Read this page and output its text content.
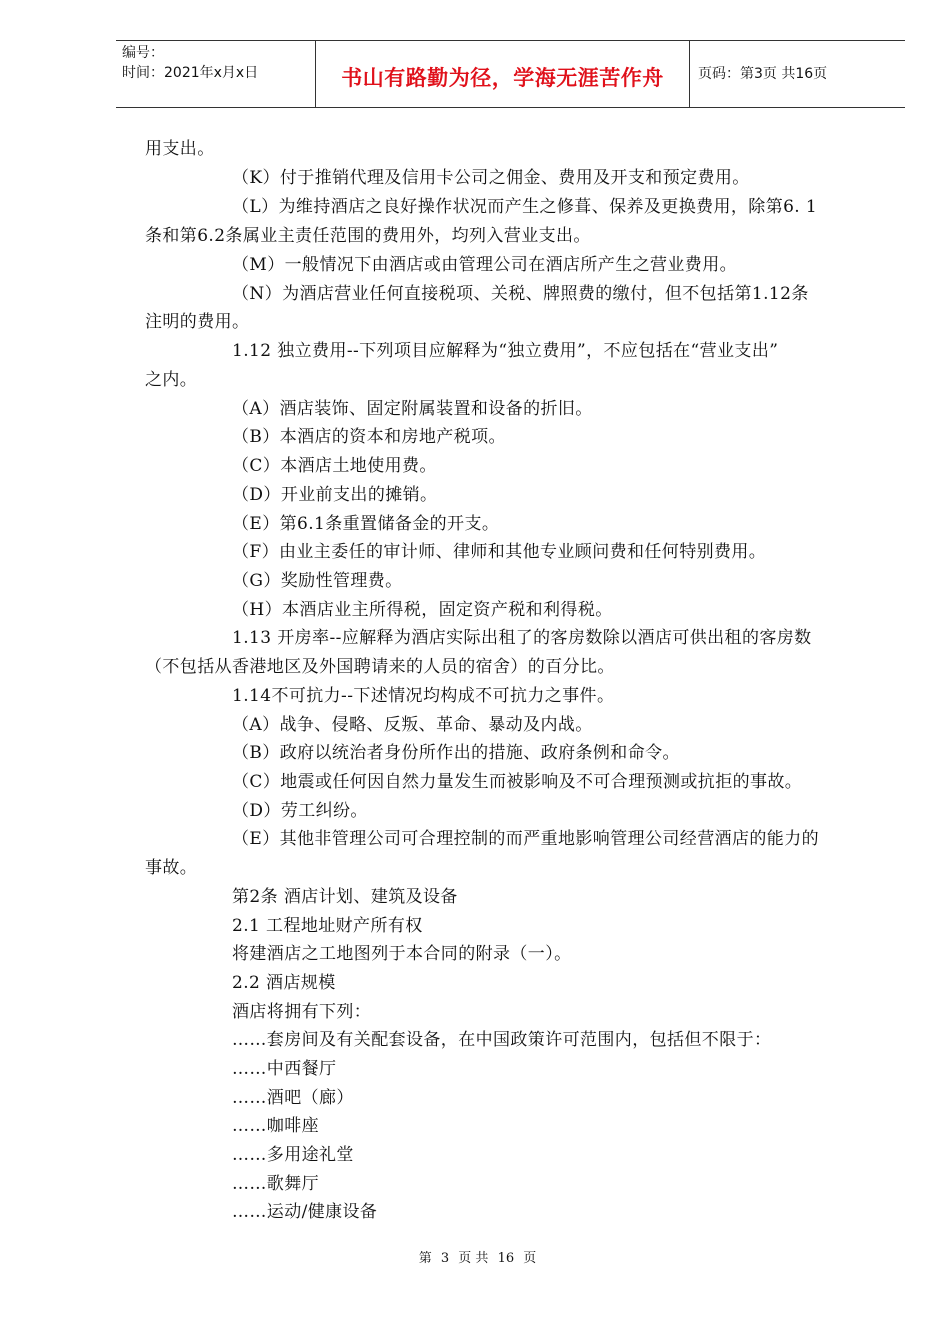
编号：
时间：2021年x月x日	书山有路勤为径，学海无涯苦作舟	页码：第3页 共16页
用支出。
（K）付于推销代理及信用卡公司之佣金、费用及开支和预定费用。
（L）为维持酒店之良好操作状况而产生之修葺、保养及更换费用，除第6. 1
条和第6.2条属业主责任范围的费用外，均列入营业支出。
（M）一般情况下由酒店或由管理公司在酒店所产生之营业费用。
（N）为酒店营业任何直接税项、关税、牌照费的缴付，但不包括第1.12条
注明的费用。
1.12 独立费用--下列项目应解释为“独立费用”，不应包括在“营业支出”
之内。
（A）酒店装饰、固定附属装置和设备的折旧。
（B）本酒店的资本和房地产税项。
（C）本酒店土地使用费。
（D）开业前支出的摊销。
（E）第6.1条重置储备金的开支。
（F）由业主委任的审计师、律师和其他专业顾问费和任何特别费用。
（G）奖励性管理费。
（H）本酒店业主所得税，固定资产税和利得税。
1.13 开房率--应解释为酒店实际出租了的客房数除以酒店可供出租的客房数
（不包括从香港地区及外国聘请来的人员的宿舍）的百分比。
1.14不可抗力--下述情况均构成不可抗力之事件。
（A）战争、侵略、反叛、革命、暴动及内战。
（B）政府以统治者身份所作出的措施、政府条例和命令。
（C）地震或任何因自然力量发生而被影响及不可合理预测或抗拒的事故。
（D）劳工纠纷。
（E）其他非管理公司可合理控制的而严重地影响管理公司经营酒店的能力的
事故。
第2条 酒店计划、建筑及设备
2.1 工程地址财产所有权
将建酒店之工地图列于本合同的附录（一）。
2.2 酒店规模
酒店将拥有下列：
……套房间及有关配套设备，在中国政策许可范围内，包括但不限于：
……中西餐厅
……酒吧（廊）
……咖啡座
……多用途礼堂
……歌舞厅
……运动/健康设备
第 3 页 共 16 页
